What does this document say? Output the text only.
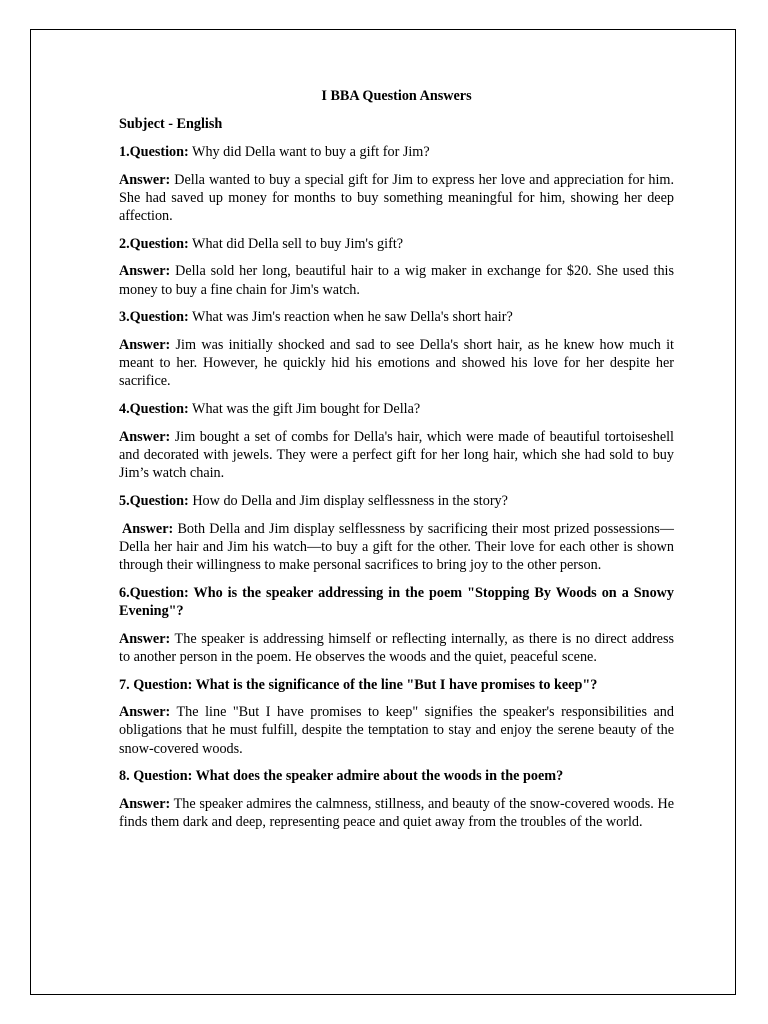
I BBA Question Answers

Subject - English

1.Question: Why did Della want to buy a gift for Jim?

Answer: Della wanted to buy a special gift for Jim to express her love and appreciation for him. She had saved up money for months to buy something meaningful for him, showing her deep affection.

2.Question: What did Della sell to buy Jim's gift?

Answer: Della sold her long, beautiful hair to a wig maker in exchange for $20. She used this money to buy a fine chain for Jim's watch.

3.Question: What was Jim's reaction when he saw Della's short hair?

Answer: Jim was initially shocked and sad to see Della's short hair, as he knew how much it meant to her. However, he quickly hid his emotions and showed his love for her despite her sacrifice.

4.Question: What was the gift Jim bought for Della?

Answer: Jim bought a set of combs for Della's hair, which were made of beautiful tortoiseshell and decorated with jewels. They were a perfect gift for her long hair, which she had sold to buy Jim’s watch chain.

5.Question: How do Della and Jim display selflessness in the story?

Answer: Both Della and Jim display selflessness by sacrificing their most prized possessions—Della her hair and Jim his watch—to buy a gift for the other. Their love for each other is shown through their willingness to make personal sacrifices to bring joy to the other person.

6.Question: Who is the speaker addressing in the poem "Stopping By Woods on a Snowy Evening"?

Answer: The speaker is addressing himself or reflecting internally, as there is no direct address to another person in the poem. He observes the woods and the quiet, peaceful scene.

7. Question: What is the significance of the line "But I have promises to keep"?

Answer: The line "But I have promises to keep" signifies the speaker's responsibilities and obligations that he must fulfill, despite the temptation to stay and enjoy the serene beauty of the snow-covered woods.

8. Question: What does the speaker admire about the woods in the poem?

Answer: The speaker admires the calmness, stillness, and beauty of the snow-covered woods. He finds them dark and deep, representing peace and quiet away from the troubles of the world.
